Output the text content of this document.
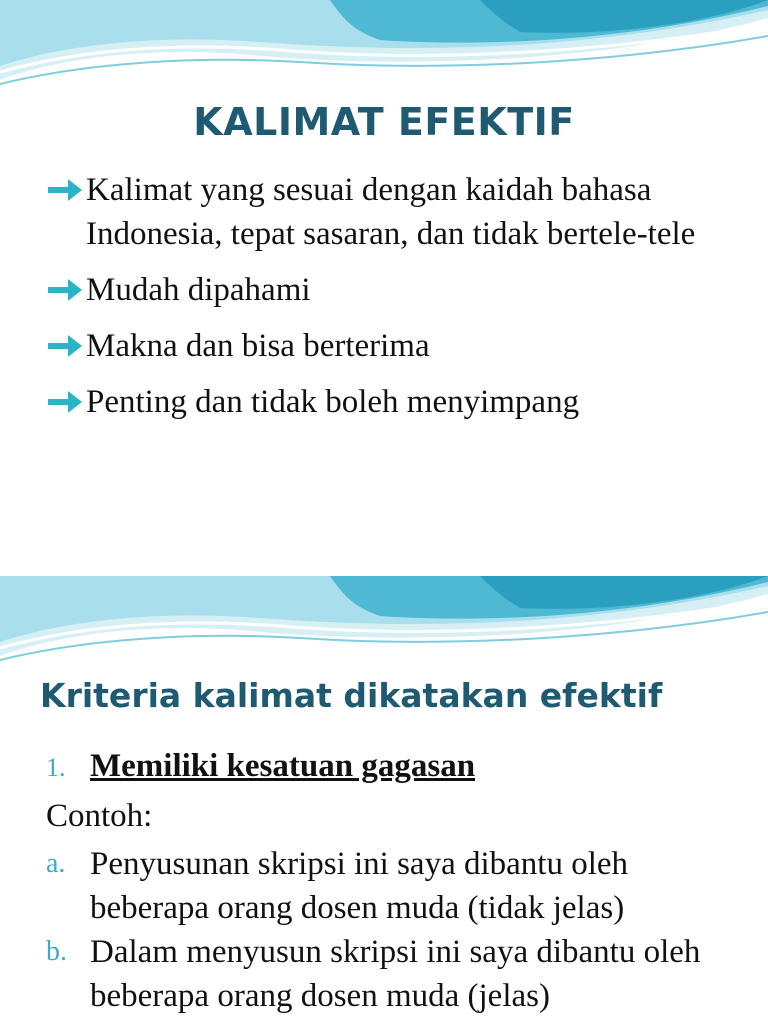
KALIMAT EFEKTIF
Kalimat yang sesuai dengan kaidah bahasa Indonesia, tepat sasaran, dan tidak bertele-tele
Mudah dipahami
Makna dan bisa berterima
Penting dan tidak boleh menyimpang
Kriteria kalimat dikatakan efektif
1. Memiliki kesatuan gagasan
Contoh:
a. Penyusunan skripsi ini saya dibantu oleh beberapa orang dosen muda (tidak jelas)
b. Dalam menyusun skripsi ini saya dibantu oleh beberapa orang dosen muda (jelas)
